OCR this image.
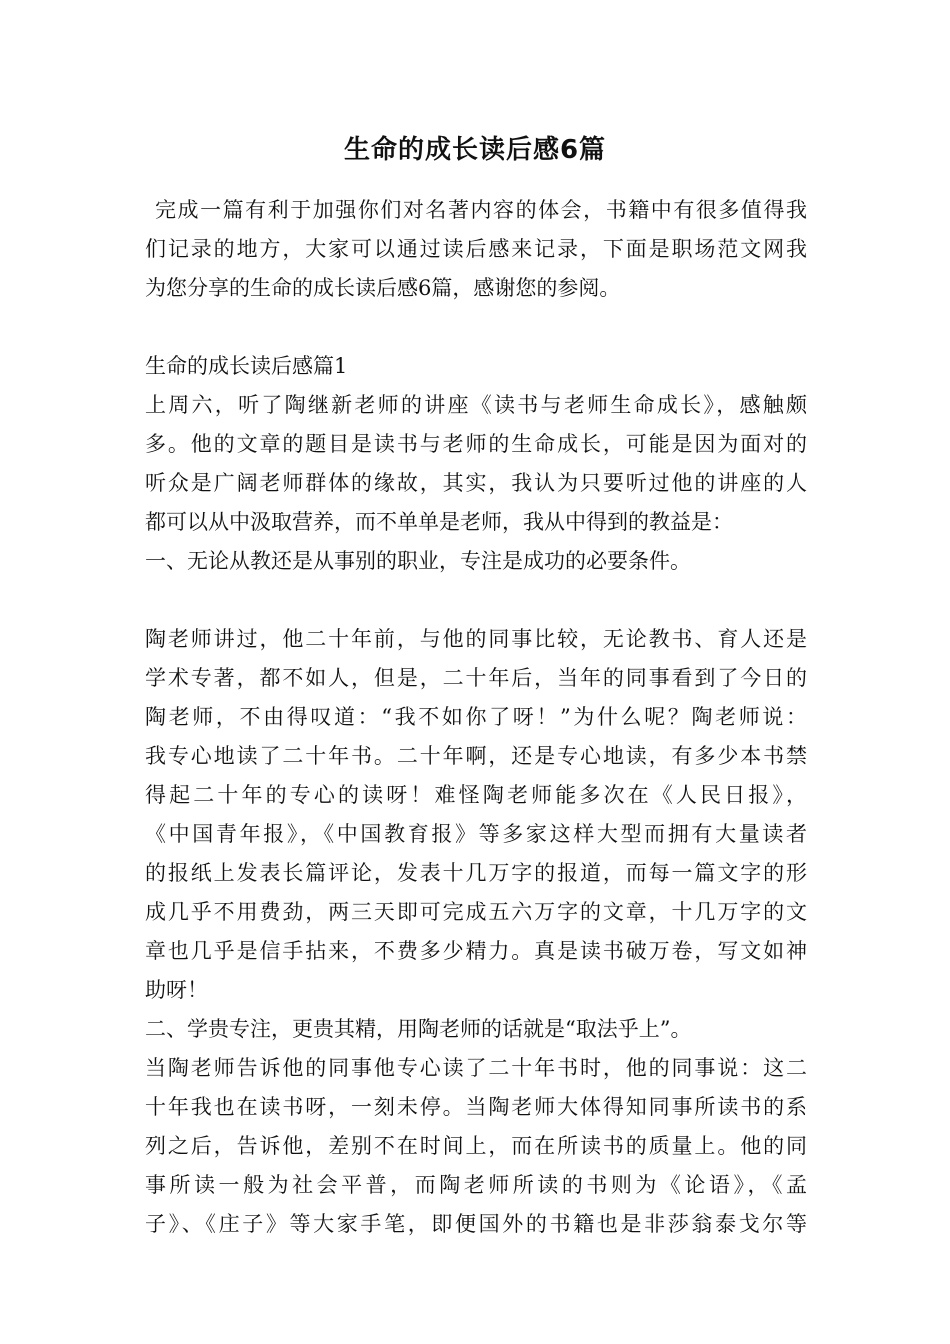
生命的成长读后感6篇
完成一篇有利于加强你们对名著内容的体会，书籍中有很多值得我
们记录的地方，大家可以通过读后感来记录，下面是职场范文网我
为您分享的生命的成长读后感6篇，感谢您的参阅。
生命的成长读后感篇1
上周六，听了陶继新老师的讲座《读书与老师生命成长》，感触颇
多。他的文章的题目是读书与老师的生命成长，可能是因为面对的
听众是广阔老师群体的缘故，其实，我认为只要听过他的讲座的人
都可以从中汲取营养，而不单单是老师，我从中得到的教益是：
一、无论从教还是从事别的职业，专注是成功的必要条件。
陶老师讲过，他二十年前，与他的同事比较，无论教书、育人还是
学术专著，都不如人，但是，二十年后，当年的同事看到了今日的
陶老师，不由得叹道：“我不如你了呀！”为什么呢？陶老师说：
我专心地读了二十年书。二十年啊，还是专心地读，有多少本书禁
得起二十年的专心的读呀！难怪陶老师能多次在《人民日报》，
《中国青年报》，《中国教育报》等多家这样大型而拥有大量读者
的报纸上发表长篇评论，发表十几万字的报道，而每一篇文字的形
成几乎不用费劲，两三天即可完成五六万字的文章，十几万字的文
章也几乎是信手拈来，不费多少精力。真是读书破万卷，写文如神
助呀！
二、学贵专注，更贵其精，用陶老师的话就是“取法乎上”。
当陶老师告诉他的同事他专心读了二十年书时，他的同事说：这二
十年我也在读书呀，一刻未停。当陶老师大体得知同事所读书的系
列之后，告诉他，差别不在时间上，而在所读书的质量上。他的同
事所读一般为社会平普，而陶老师所读的书则为《论语》，《孟
子》、《庄子》等大家手笔，即便国外的书籍也是非莎翁泰戈尔等
